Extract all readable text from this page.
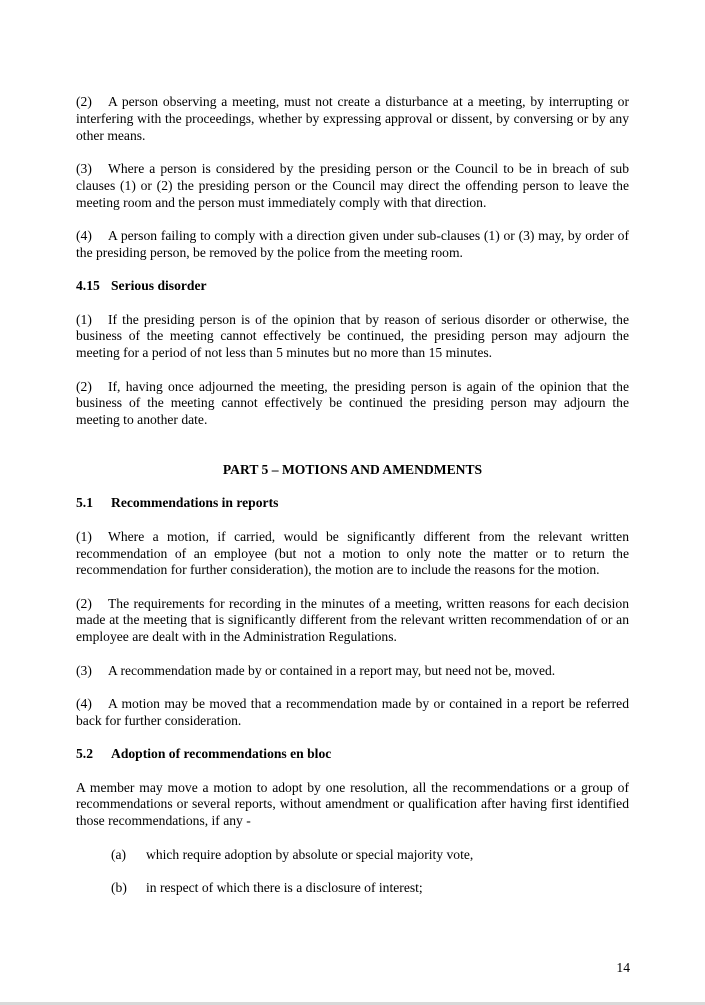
(2) A person observing a meeting, must not create a disturbance at a meeting, by interrupting or interfering with the proceedings, whether by expressing approval or dissent, by conversing or by any other means.

(3) Where a person is considered by the presiding person or the Council to be in breach of sub clauses (1) or (2) the presiding person or the Council may direct the offending person to leave the meeting room and the person must immediately comply with that direction.

(4) A person failing to comply with a direction given under sub-clauses (1) or (3) may, by order of the presiding person, be removed by the police from the meeting room.

4.15 Serious disorder

(1) If the presiding person is of the opinion that by reason of serious disorder or otherwise, the business of the meeting cannot effectively be continued, the presiding person may adjourn the meeting for a period of not less than 5 minutes but no more than 15 minutes.

(2) If, having once adjourned the meeting, the presiding person is again of the opinion that the business of the meeting cannot effectively be continued the presiding person may adjourn the meeting to another date.

PART 5 – MOTIONS AND AMENDMENTS
5.1 Recommendations in reports

(1) Where a motion, if carried, would be significantly different from the relevant written recommendation of an employee (but not a motion to only note the matter or to return the recommendation for further consideration), the motion are to include the reasons for the motion.

(2) The requirements for recording in the minutes of a meeting, written reasons for each decision made at the meeting that is significantly different from the relevant written recommendation of or an employee are dealt with in the Administration Regulations.

(3) A recommendation made by or contained in a report may, but need not be, moved.

(4) A motion may be moved that a recommendation made by or contained in a report be referred back for further consideration.

5.2 Adoption of recommendations en bloc

A member may move a motion to adopt by one resolution, all the recommendations or a group of recommendations or several reports, without amendment or qualification after having first identified those recommendations, if any -

(a) which require adoption by absolute or special majority vote,
(b) in respect of which there is a disclosure of interest;
14
